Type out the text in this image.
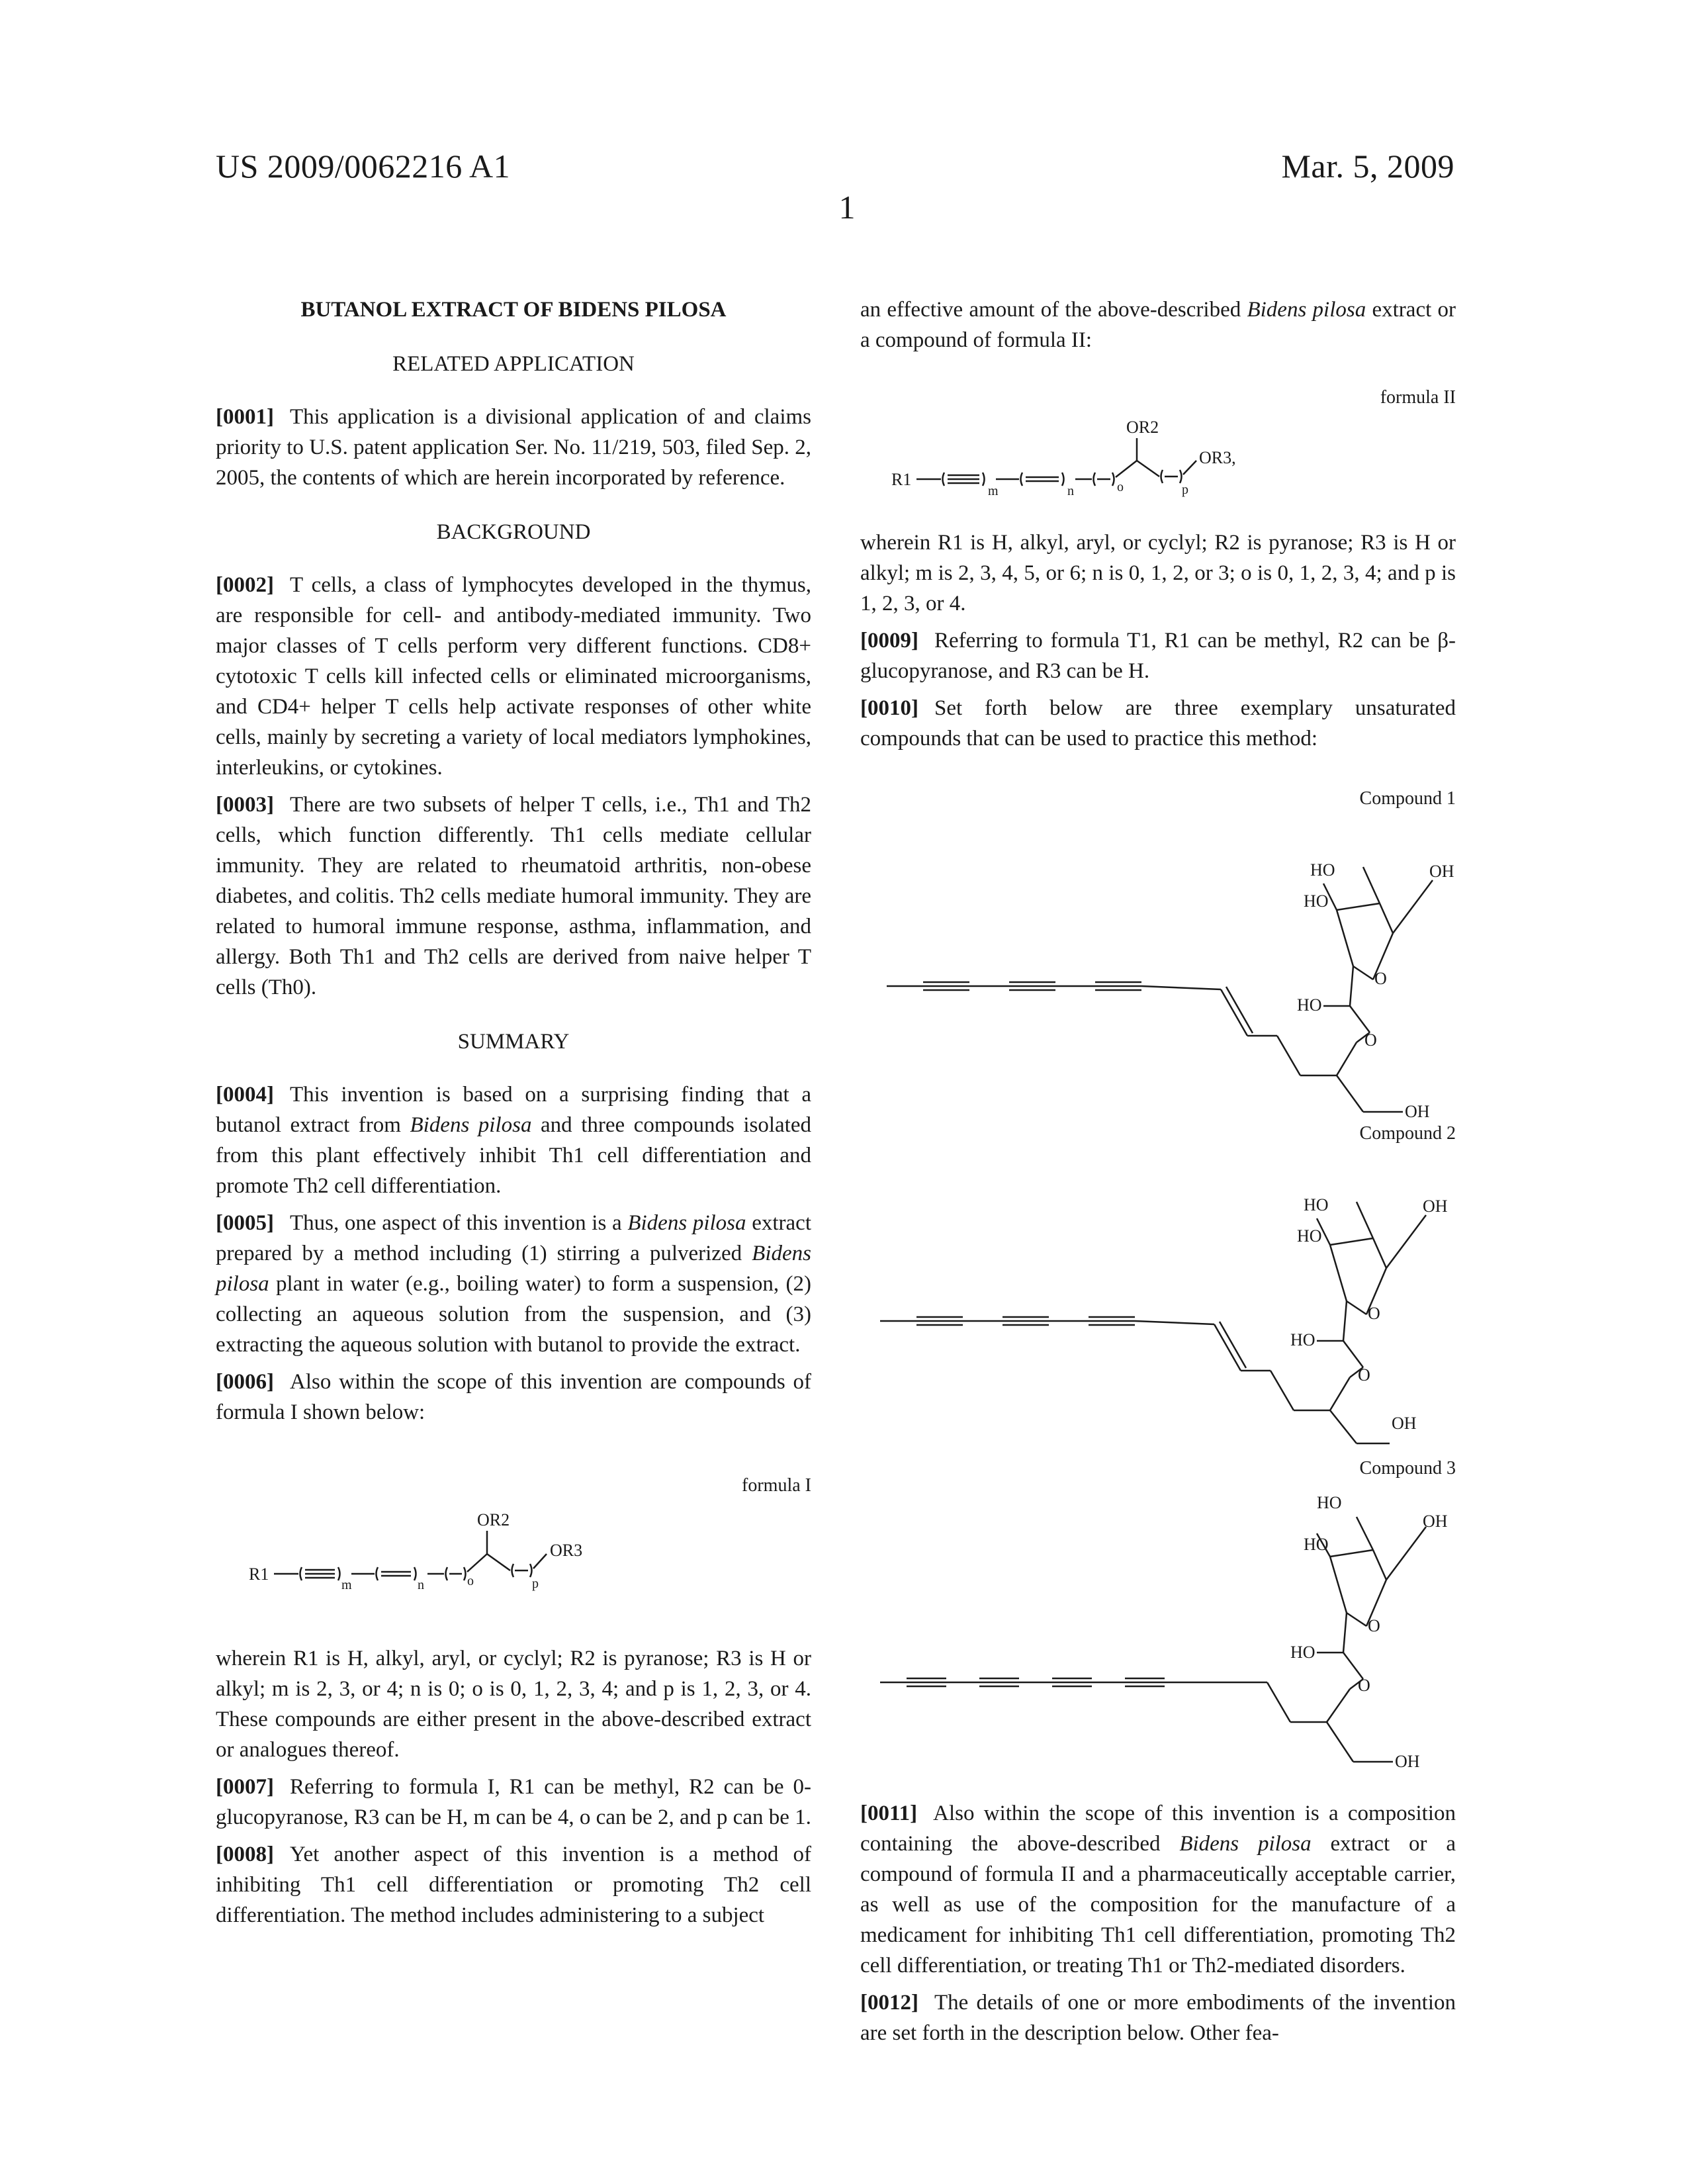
US 2009/0062216 A1	Mar. 5, 2009
1
BUTANOL EXTRACT OF BIDENS PILOSA
RELATED APPLICATION

[0001] This application is a divisional application of and claims priority to U.S. patent application Ser. No. 11/219, 503, filed Sep. 2, 2005, the contents of which are herein incorporated by reference.

BACKGROUND

[0002] T cells, a class of lymphocytes developed in the thymus, are responsible for cell- and antibody-mediated immunity. Two major classes of T cells perform very different functions. CD8+ cytotoxic T cells kill infected cells or eliminated microorganisms, and CD4+ helper T cells help activate responses of other white cells, mainly by secreting a variety of local mediators lymphokines, interleukins, or cytokines.

[0003] There are two subsets of helper T cells, i.e., Th1 and Th2 cells, which function differently. Th1 cells mediate cellular immunity. They are related to rheumatoid arthritis, non-obese diabetes, and colitis. Th2 cells mediate humoral immunity. They are related to humoral immune response, asthma, inflammation, and allergy. Both Th1 and Th2 cells are derived from naive helper T cells (Th0).

SUMMARY

[0004] This invention is based on a surprising finding that a butanol extract from Bidens pilosa and three compounds isolated from this plant effectively inhibit Th1 cell differentiation and promote Th2 cell differentiation.

[0005] Thus, one aspect of this invention is a Bidens pilosa extract prepared by a method including (1) stirring a pulverized Bidens pilosa plant in water (e.g., boiling water) to form a suspension, (2) collecting an aqueous solution from the suspension, and (3) extracting the aqueous solution with butanol to provide the extract.

[0006] Also within the scope of this invention are compounds of formula I shown below:

formula I
R1
m	n	o	p
OR2
OR3

wherein R1 is H, alkyl, aryl, or cyclyl; R2 is pyranose; R3 is H or alkyl; m is 2, 3, or 4; n is 0; o is 0, 1, 2, 3, 4; and p is 1, 2, 3, or 4. These compounds are either present in the above-described extract or analogues thereof.

[0007] Referring to formula I, R1 can be methyl, R2 can be 0-glucopyranose, R3 can be H, m can be 4, o can be 2, and p can be 1.

[0008] Yet another aspect of this invention is a method of inhibiting Th1 cell differentiation or promoting Th2 cell differentiation. The method includes administering to a subject

an effective amount of the above-described Bidens pilosa extract or a compound of formula II:

formula II
R1
m	n	o	p
OR2
OR3,

wherein R1 is H, alkyl, aryl, or cyclyl; R2 is pyranose; R3 is H or alkyl; m is 2, 3, 4, 5, or 6; n is 0, 1, 2, or 3; o is 0, 1, 2, 3, 4; and p is 1, 2, 3, or 4.

[0009] Referring to formula T1, R1 can be methyl, R2 can be β-glucopyranose, and R3 can be H.

[0010] Set forth below are three exemplary unsaturated compounds that can be used to practice this method:

Compound 1
HO
HO
OH
HO
O
O
OH
Compound 2
HO
HO
OH
HO
O
O
OH
Compound 3
HO
HO
OH
HO
O
O
OH

[0011] Also within the scope of this invention is a composition containing the above-described Bidens pilosa extract or a compound of formula II and a pharmaceutically acceptable carrier, as well as use of the composition for the manufacture of a medicament for inhibiting Th1 cell differentiation, promoting Th2 cell differentiation, or treating Th1 or Th2-mediated disorders.

[0012] The details of one or more embodiments of the invention are set forth in the description below. Other fea-
